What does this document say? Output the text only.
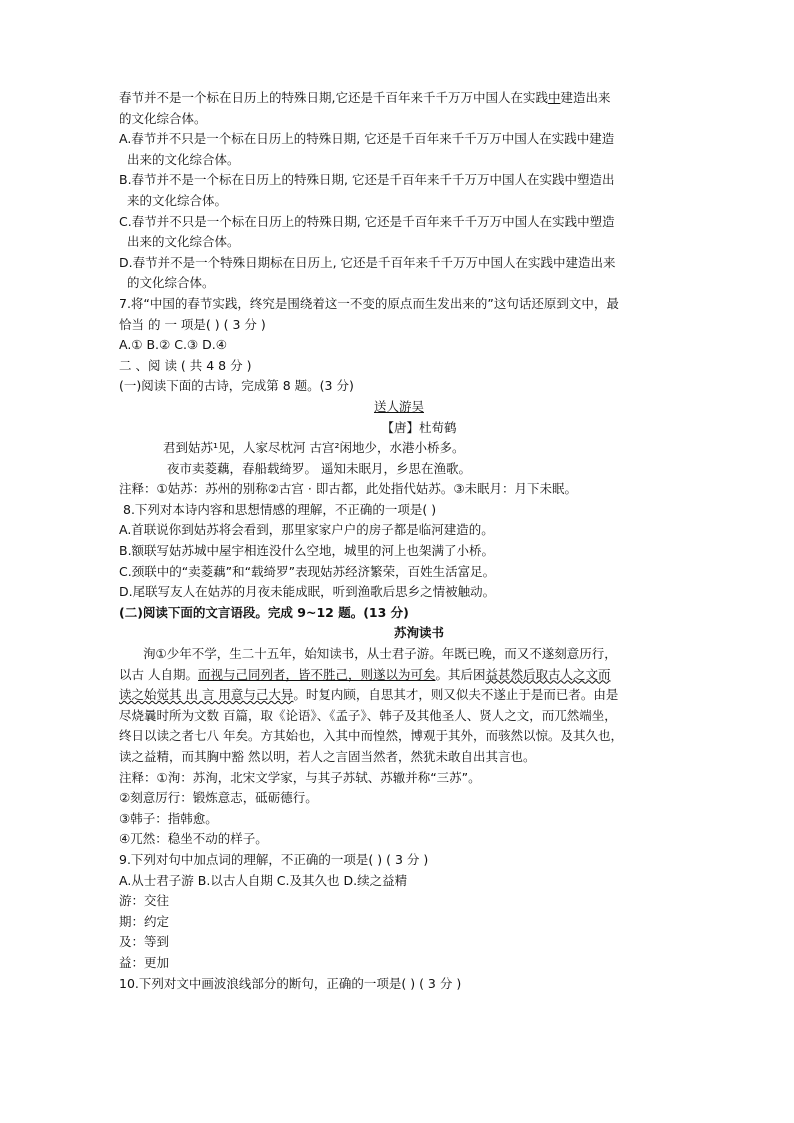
春节并不是一个标在日历上的特殊日期,它还是千百年来千千万万中国人在实践中建造出来
的文化综合体。
A.春节并不只是一个标在日历上的特殊日期, 它还是千百年来千千万万中国人在实践中建造
出来的文化综合体。
B.春节并不是一个标在日历上的特殊日期, 它还是千百年来千千万万中国人在实践中塑造出
来的文化综合体。
C.春节并不只是一个标在日历上的特殊日期, 它还是千百年来千千万万中国人在实践中塑造
出来的文化综合体。
D.春节并不是一个特殊日期标在日历上, 它还是千百年来千千万万中国人在实践中建造出来
的文化综合体。
7.将“中国的春节实践，终究是围绕着这一不变的原点而生发出来的”这句话还原到文中，最
恰当 的 一 项是( ) ( 3 分 )
A.① B.② C.③ D.④
二 、阅 读 ( 共 4 8 分 )
(一)阅读下面的古诗，完成第 8 题。(3 分)
送人游吴
【唐】杜荀鹤
君到姑苏¹见，人家尽枕河 古宫²闲地少，水港小桥多。
夜市卖菱藕，春船载绮罗。 遥知未眠月，乡思在渔歌。
注释：①姑苏：苏州的别称②古宫 · 即古都，此处指代姑苏。③未眠月：月下未眠。
8.下列对本诗内容和思想情感的理解，不正确的一项是( )
A.首联说你到姑苏将会看到，那里家家户户的房子都是临河建造的。
B.额联写姑苏城中屋宇相连没什么空地，城里的河上也架满了小桥。
C.颈联中的“卖菱藕”和“载绮罗”表现姑苏经济繁荣，百姓生活富足。
D.尾联写友人在姑苏的月夜未能成眠，听到渔歌后思乡之情被触动。
(二)阅读下面的文言语段。完成 9~12 题。(13 分)
苏洵读书
洵①少年不学，生二十五年，始知读书，从士君子游。年既已晚，而又不遂刻意历行，
以古 人自期。而视与己同列者，皆不胜己，则遂以为可矣。其后困益甚然后取古人之文而
读之始觉其 出 言 用意与己大异。时复内顾，自思其才，则又似夫不遂止于是而已者。由是
尽烧曩时所为文数 百篇，取《论语》、《孟子》、韩子及其他圣人、贤人之文，而兀然端坐，
终日以读之者七八 年矣。方其始也，入其中而惶然，博观于其外，而骇然以惊。及其久也，
读之益精，而其胸中豁 然以明，若人之言固当然者，然犹未敢自出其言也。
注释：①洵：苏洵，北宋文学家，与其子苏轼、苏辙并称“三苏”。
②刻意厉行：锻炼意志，砥砺德行。
③韩子：指韩愈。
④兀然：稳坐不动的样子。
9.下列对句中加点词的理解，不正确的一项是( ) ( 3 分 )
A.从士君子游 B.以古人自期 C.及其久也 D.续之益精
游：交往
期：约定
及：等到
益：更加
10.下列对文中画波浪线部分的断句，正确的一项是( ) ( 3 分 )
